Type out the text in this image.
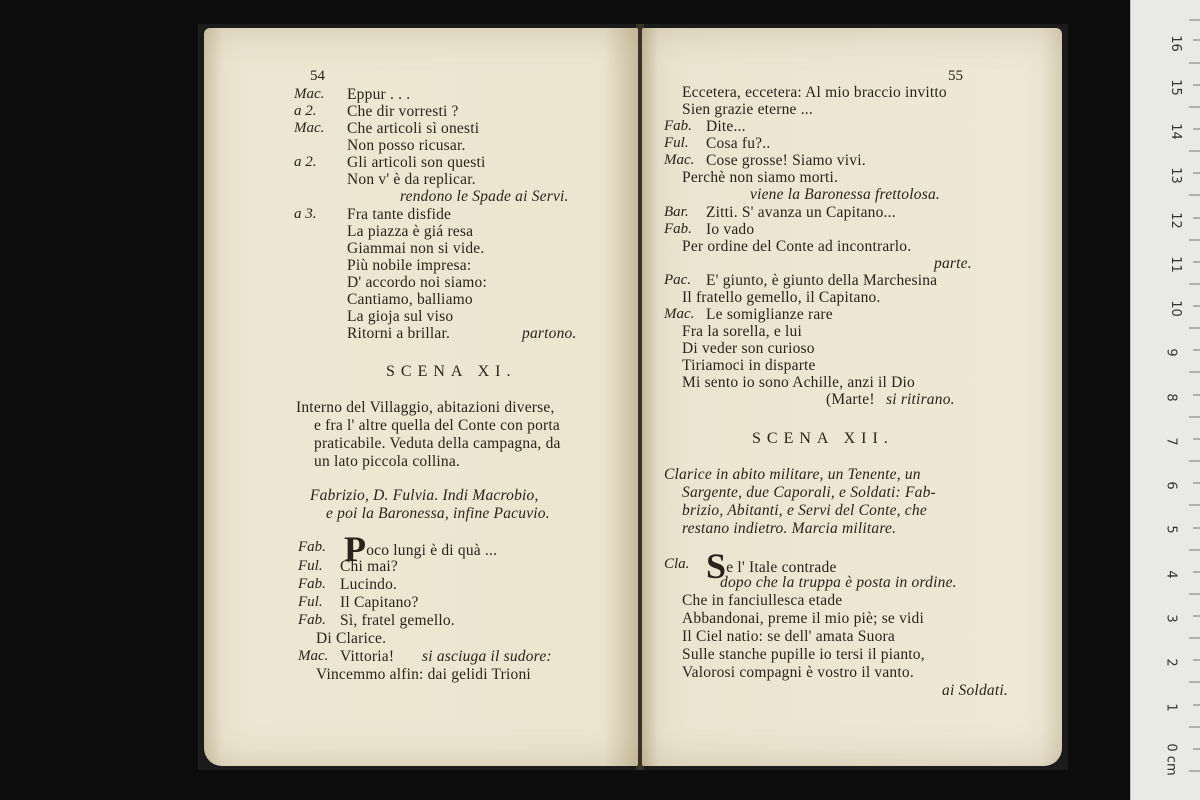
54
Mac. Eppur . . .
a 2. Che dir vorresti ?
Mac. Che articoli sì onesti
Non posso ricusar.
a 2. Gli articoli son questi
Non v' è da replicar.
rendono le Spade ai Servi.
a 3. Fra tante disfide
La piazza è giá resa
Giammai non si vide.
Più nobile impresa:
D' accordo noi siamo:
Cantiamo, balliamo
La gioja sul viso
Ritorni a brillar.	partono.
SCENA XI.
Interno del Villaggio, abitazioni diverse,
e fra l' altre quella del Conte con porta
praticabile. Veduta della campagna, da
un lato piccola collina.
Fabrizio, D. Fulvia. Indi Macrobio,
e poi la Baronessa, infine Pacuvio.
Fab. Poco lungi è di quà ...
Ful. Chi mai?
Fab. Lucindo.
Ful. Il Capitano?
Fab. Sì, fratel gemello.
Di Clarice.
Mac. Vittoria! si asciuga il sudore:
Vincemmo alfin: dai gelidi Trioni
55
Eccetera, eccetera: Al mio braccio invitto
Sien grazie eterne ...
Fab. Dite...
Ful. Cosa fu?..
Mac. Cose grosse! Siamo vivi.
Perchè non siamo morti.
viene la Baronessa frettolosa.
Bar. Zitti. S' avanza un Capitano...
Fab. Io vado
Per ordine del Conte ad incontrarlo.
parte.
Pac. E' giunto, è giunto della Marchesina
Il fratello gemello, il Capitano.
Mac. Le somiglianze rare
Fra la sorella, e lui
Di veder son curioso
Tiriamoci in disparte
Mi sento io sono Achille, anzi il Dio
(Marte! si ritirano.
SCENA XII.
Clarice in abito militare, un Tenente, un
Sargente, due Caporali, e Soldati: Fab-
brizio, Abitanti, e Servi del Conte, che
restano indietro. Marcia militare.
Cla. Se l' Itale contrade
dopo che la truppa è posta in ordine.
Che in fanciullesca etade
Abbandonai, preme il mio piè; se vidi
Il Ciel natio: se dell' amata Suora
Sulle stanche pupille io tersi il pianto,
Valorosi compagni è vostro il vanto.
ai Soldati.
16
15
14
13
12
11
10
9
8
7
6
5
4
3
2
1
0 cm
